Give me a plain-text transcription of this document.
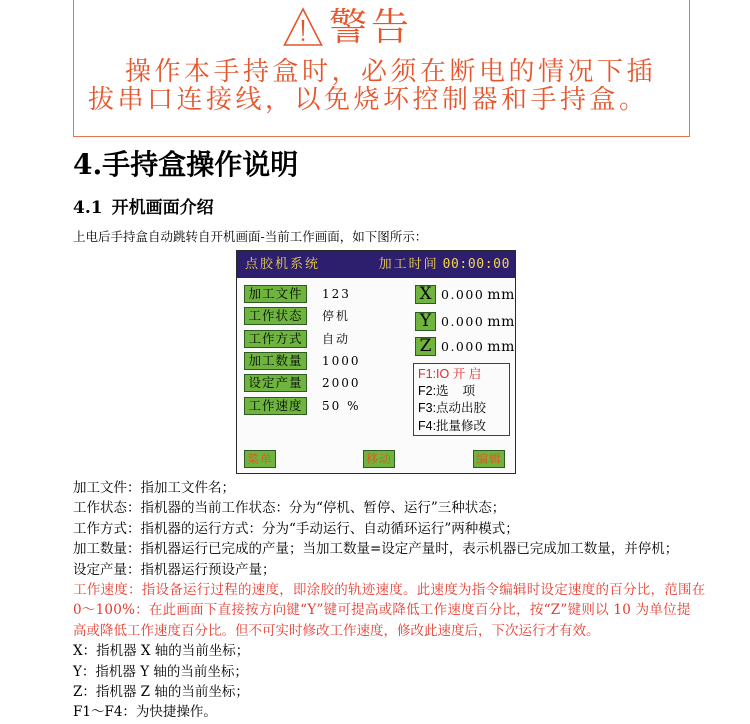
警告
操作本手持盒时，必须在断电的情况下插
拔串口连接线，以免烧坏控制器和手持盒。
4.手持盒操作说明
4.1 开机画面介绍
上电后手持盒自动跳转自开机画面-当前工作画面，如下图所示：
点胶机系统	加工时间 00:00:00
加工文件	123
工作状态	停机
工作方式	自动
加工数量	1000
设定产量	2000
工作速度	50 %
X 0.000 mm
Y 0.000 mm
Z 0.000 mm
F1:IO 开 启
F2:选    项
F3:点动出胶
F4:批量修改
菜单	移动	编辑
加工文件：指加工文件名；
工作状态：指机器的当前工作状态：分为“停机、暂停、运行”三种状态；
工作方式：指机器的运行方式：分为“手动运行、自动循环运行”两种模式；
加工数量：指机器运行已完成的产量；当加工数量=设定产量时，表示机器已完成加工数量，并停机；
设定产量：指机器运行预设产量；
工作速度：指设备运行过程的速度，即涂胶的轨迹速度。此速度为指令编辑时设定速度的百分比，范围在
0～100%：在此画面下直接按方向键“Y”键可提高或降低工作速度百分比，按“Z”键则以 10 为单位提
高或降低工作速度百分比。但不可实时修改工作速度，修改此速度后，下次运行才有效。
X：指机器 X 轴的当前坐标；
Y：指机器 Y 轴的当前坐标；
Z：指机器 Z 轴的当前坐标；
F1～F4：为快捷操作。
